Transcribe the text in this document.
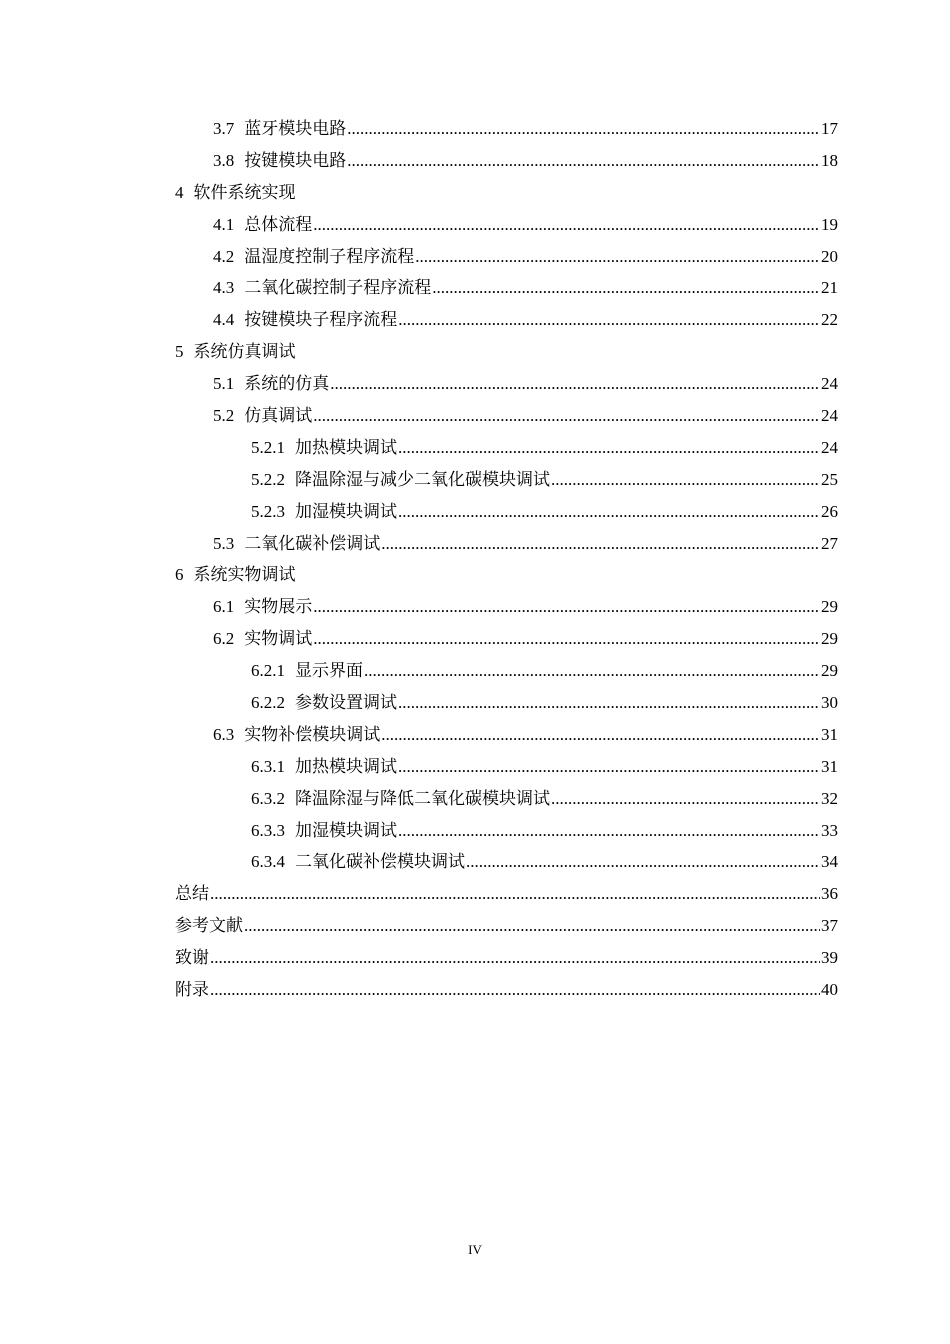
3.7 蓝牙模块电路 .....	17
3.8 按键模块电路 .....	18
4 软件系统实现
4.1 总体流程 .....	19
4.2 温湿度控制子程序流程 .....	20
4.3 二氧化碳控制子程序流程 .....	21
4.4 按键模块子程序流程 .....	22
5 系统仿真调试
5.1 系统的仿真 .....	24
5.2 仿真调试 .....	24
5.2.1 加热模块调试 .....	24
5.2.2 降温除湿与减少二氧化碳模块调试 .....	25
5.2.3 加湿模块调试 .....	26
5.3 二氧化碳补偿调试 .....	27
6 系统实物调试
6.1 实物展示 .....	29
6.2 实物调试 .....	29
6.2.1 显示界面 .....	29
6.2.2 参数设置调试 .....	30
6.3 实物补偿模块调试 .....	31
6.3.1 加热模块调试 .....	31
6.3.2 降温除湿与降低二氧化碳模块调试 .....	32
6.3.3 加湿模块调试 .....	33
6.3.4 二氧化碳补偿模块调试 .....	34
总结 .....	36
参考文献 .....	37
致谢 .....	39
附录 .....	40
IV
